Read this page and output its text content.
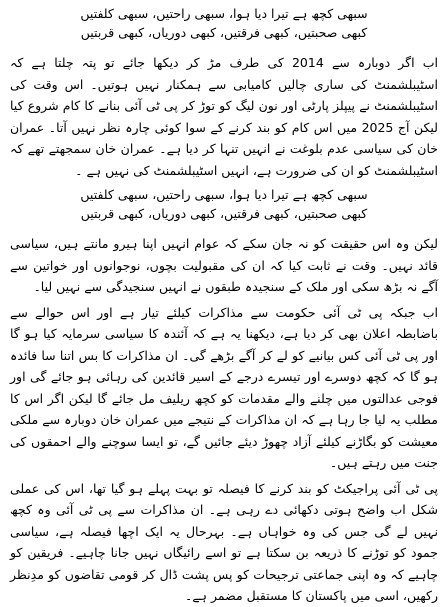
سبھی کچھ ہے تیرا دیا ہوا، سبھی راحتیں، سبھی کلفتیں
کبھی صحبتیں، کبھی فرقتیں، کبھی دوریاں، کبھی قربتیں

اب اگر دوبارہ سے 2014 کی طرف مڑ کر دیکھا جائے تو پتہ چلتا ہے کہ اسٹیبلشمنٹ کی ساری چالیں کامیابی سے ہمکنار نہیں ہوتیں۔ اس وقت کی اسٹیبلشمنٹ نے پیپلز پارٹی اور نون لیگ کو توڑ کر پی ٹی آئی بنانے کا کام شروع کیا لیکن آج 2025 میں اس کام کو بند کرنے کے سوا کوئی چارہ نظر نہیں آتا۔ عمران خان کی سیاسی عدم بلوغت نے انہیں تنہا کر دیا ہے۔ عمران خان سمجھتے تھے کہ اسٹیبلشمنٹ کو ان کی ضرورت ہے، انہیں اسٹیبلشمنٹ کی نہیں ہے ۔

سبھی کچھ ہے تیرا دیا ہوا، سبھی راحتیں، سبھی کلفتیں
کبھی صحبتیں، کبھی فرقتیں، کبھی دوریاں، کبھی قربتیں

لیکن وہ اس حقیقت کو نہ جان سکے کہ عوام انہیں اپنا ہیرو مانتے ہیں، سیاسی قائد نہیں۔ وقت نے ثابت کیا کہ ان کی مقبولیت بچوں، نوجوانوں اور خواتین سے آگے نہ بڑھ سکی اور ملک کے سنجیدہ طبقوں نے انہیں سنجیدگی سے نہیں لیا۔

اب جبکہ پی ٹی آئی حکومت سے مذاکرات کیلئے تیار ہے اور اس حوالے سے باضابطہ اعلان بھی کر دیا ہے، دیکھنا یہ ہے کہ آئندہ کا سیاسی سرمایہ کیا ہو گا اور پی ٹی آئی کس بیانیے کو لے کر آگے بڑھے گی۔ ان مذاکرات کا بس اتنا سا فائدہ ہو گا کہ کچھ دوسرے اور تیسرے درجے کے اسیر قائدین کی رہائی ہو جائے گی اور فوجی عدالتوں میں چلنے والے مقدمات کو کچھ ریلیف مل جائے گا لیکن اگر اس کا مطلب یہ لیا جا رہا ہے کہ ان مذاکرات کے نتیجے میں عمران خان دوبارہ سے ملکی معیشت کو بگاڑنے کیلئے آزاد چھوڑ دیئے جائیں گے، تو ایسا سوچنے والے احمقوں کی جنت میں رہتے ہیں۔

پی ٹی آئی پراجیکٹ کو بند کرنے کا فیصلہ تو بہت پہلے ہو گیا تھا، اس کی عملی شکل اب واضح ہوتی دکھائی دے رہی ہے۔ ان مذاکرات سے پی ٹی آئی وہ کچھ نہیں لے گی جس کی وہ خواہاں ہے۔ بہرحال یہ ایک اچھا فیصلہ ہے، سیاسی جمود کو توڑنے کا ذریعہ بن سکتا ہے تو اسے رائیگاں نہیں جانا چاہیے۔ فریقین کو چاہیے کہ وہ اپنی جماعتی ترجیحات کو پس پشت ڈال کر قومی تقاضوں کو مدِنظر رکھیں، اسی میں پاکستان کا مستقبل مضمر ہے۔
